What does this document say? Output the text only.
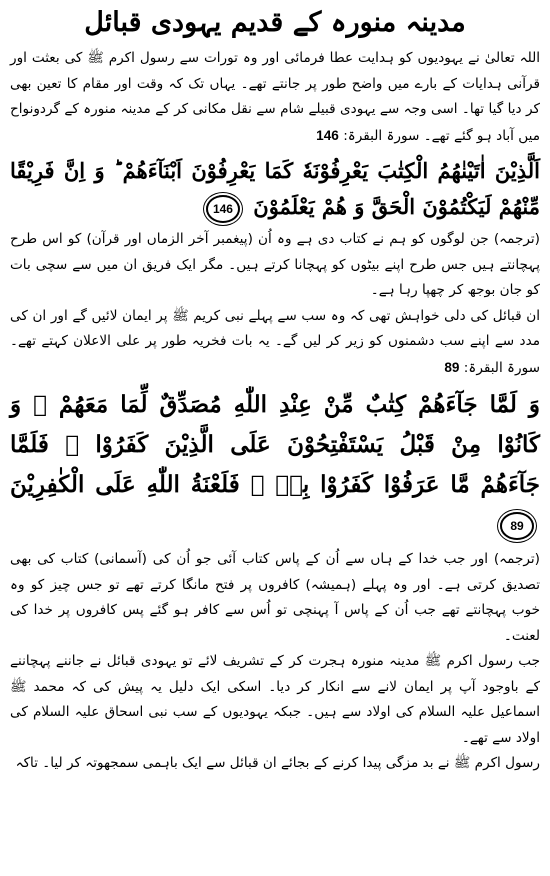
مدینہ منورہ کے قدیم یہودی قبائل

اللہ تعالیٰ نے یہودیوں کو ہدایت عطا فرمائی اور وہ تورات سے رسول اکرم ﷺ کی بعثت اور قرآنی ہدایات کے بارے میں واضح طور پر جانتے تھے۔ یہاں تک کہ وقت اور مقام کا تعین بھی کر دیا گیا تھا۔ اسی وجہ سے یہودی قبیلے شام سے نقل مکانی کر کے مدینہ منورہ کے گردونواح میں آباد ہو گئے تھے۔ سورۃ البقرۃ: 146

اَلَّذِیْنَ اٰتَیْنٰهُمُ الْكِتٰبَ یَعْرِفُوْنَهٗ كَمَا یَعْرِفُوْنَ اَبْنَآءَهُمْ ؕ وَ اِنَّ فَرِیْقًا مِّنْهُمْ لَیَكْتُمُوْنَ الْحَقَّ وَ هُمْ یَعْلَمُوْنَ 146

(ترجمہ) جن لوگوں کو ہم نے کتاب دی ہے وہ اُن (پیغمبر آخر الزماں اور قرآن) کو اس طرح پہچانتے ہیں جس طرح اپنے بیٹوں کو پہچانا کرتے ہیں۔ مگر ایک فریق ان میں سے سچی بات کو جان بوجھ کر چھپا رہا ہے۔

ان قبائل کی دلی خواہش تھی کہ وہ سب سے پہلے نبی کریم ﷺ پر ایمان لائیں گے اور ان کی مدد سے اپنے سب دشمنوں کو زیر کر لیں گے۔ یہ بات فخریہ طور پر علی الاعلان کہتے تھے۔ سورۃ البقرۃ: 89

وَ لَمَّا جَآءَهُمْ كِتٰبٌ مِّنْ عِنْدِ اللّٰهِ مُصَدِّقٌ لِّمَا مَعَهُمْ ۙ وَ كَانُوْا مِنْ قَبْلُ یَسْتَفْتِحُوْنَ عَلَى الَّذِیْنَ كَفَرُوْا ۚ فَلَمَّا جَآءَهُمْ مَّا عَرَفُوْا كَفَرُوْا بِهٖ ؗ فَلَعْنَةُ اللّٰهِ عَلَى الْكٰفِرِیْنَ 89

(ترجمہ) اور جب خدا کے ہاں سے اُن کے پاس کتاب آئی جو اُن کی (آسمانی) کتاب کی بھی تصدیق کرتی ہے۔ اور وہ پہلے (ہمیشہ) کافروں پر فتح مانگا کرتے تھے تو جس چیز کو وہ خوب پہچانتے تھے جب اُن کے پاس آ پہنچی تو اُس سے کافر ہو گئے پس کافروں پر خدا کی لعنت۔

جب رسول اکرم ﷺ مدینہ منورہ ہجرت کر کے تشریف لائے تو یہودی قبائل نے جاننے پہچاننے کے باوجود آپ پر ایمان لانے سے انکار کر دیا۔ اسکی ایک دلیل یہ پیش کی کہ محمد ﷺ اسماعیل علیہ السلام کی اولاد سے ہیں۔ جبکہ یہودیوں کے سب نبی اسحاق علیہ السلام کی اولاد سے تھے۔

رسول اکرم ﷺ نے بد مزگی پیدا کرنے کے بجائے ان قبائل سے ایک باہمی سمجھوتہ کر لیا۔ تاکہ
